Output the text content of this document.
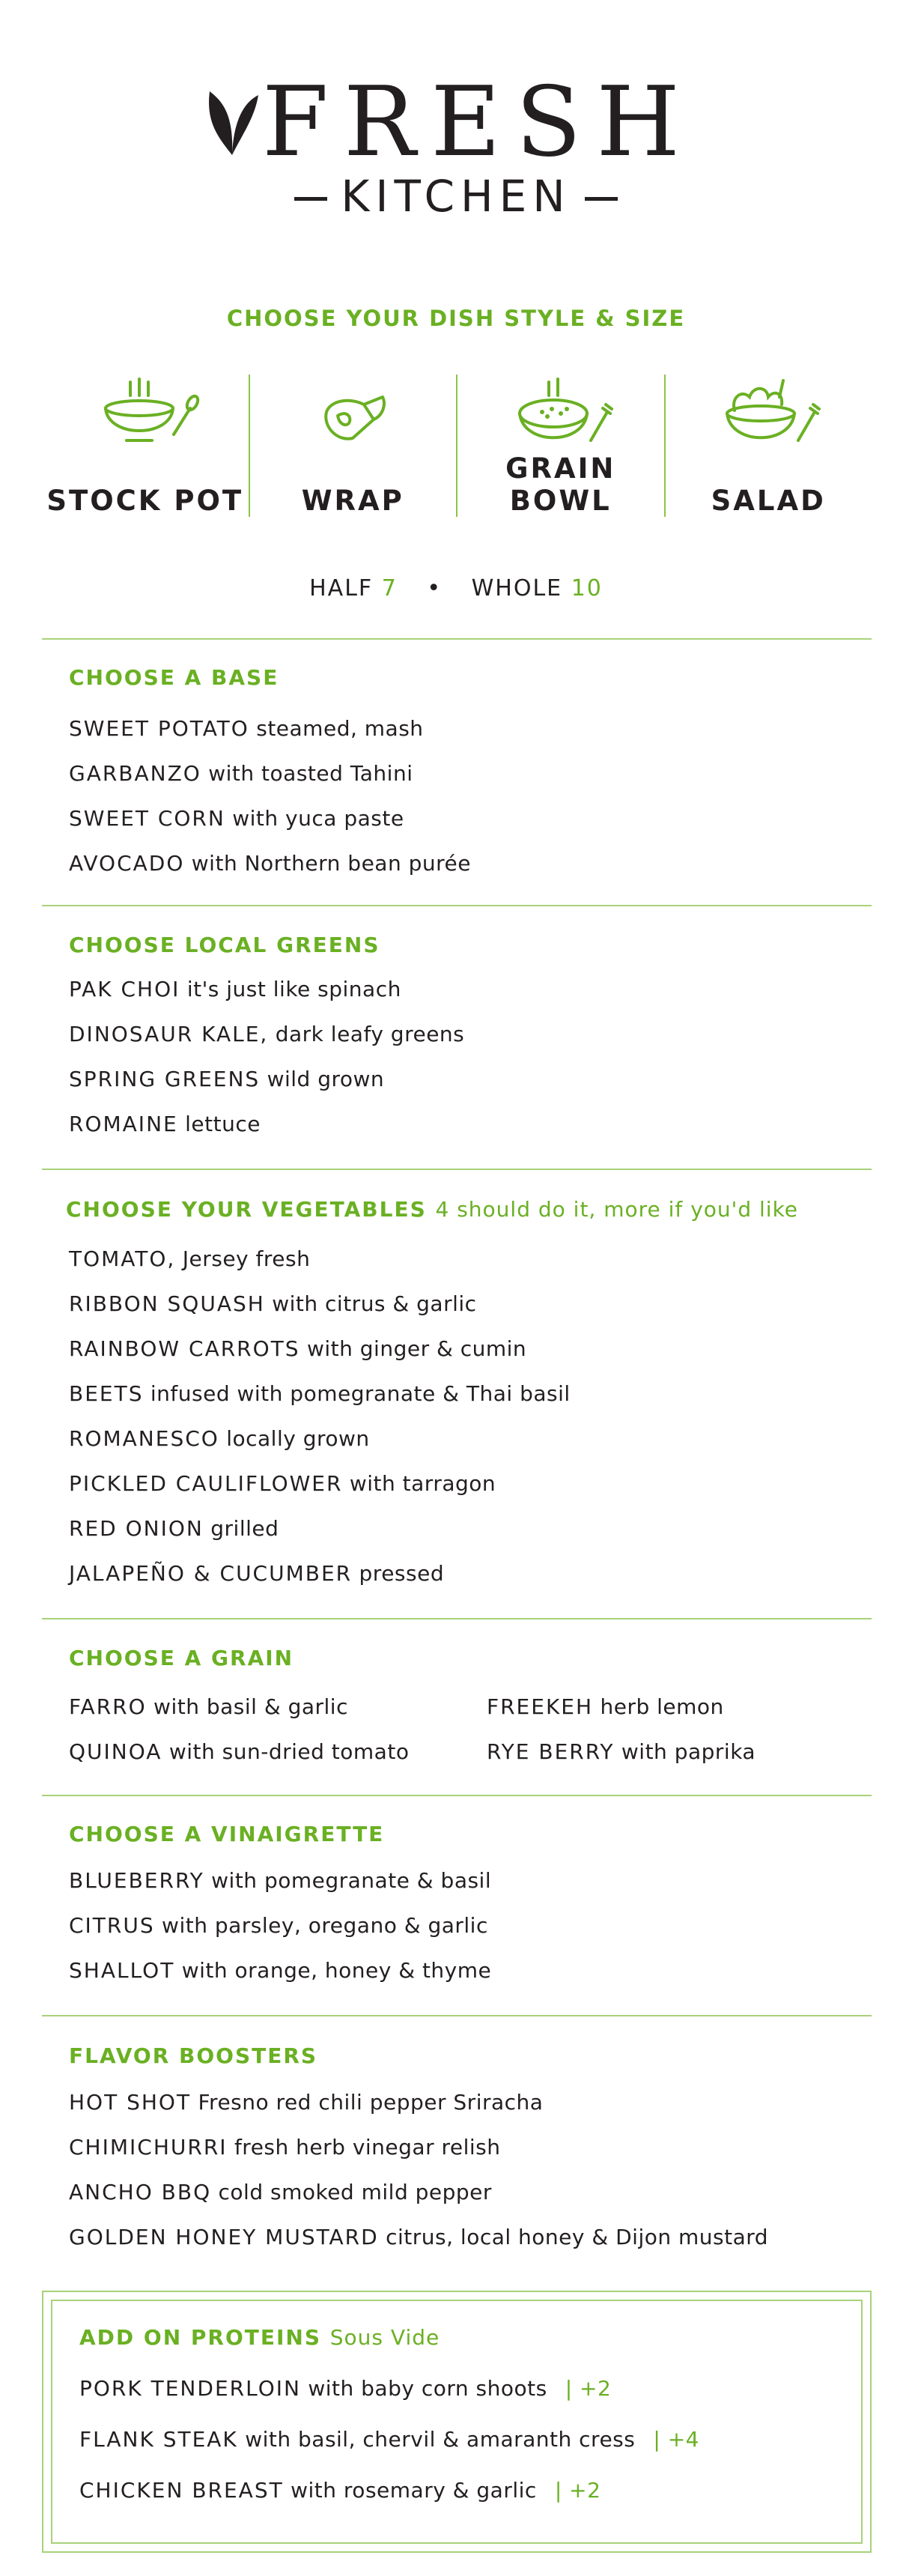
FRESH
KITCHEN
CHOOSE YOUR DISH STYLE & SIZE
STOCK POT	WRAP
GRAIN BOWL	SALAD
HALF 7 • WHOLE 10
CHOOSE A BASE
SWEET POTATO steamed, mash
GARBANZO with toasted Tahini
SWEET CORN with yuca paste
AVOCADO with Northern bean purée
CHOOSE LOCAL GREENS
PAK CHOI it's just like spinach
DINOSAUR KALE, dark leafy greens
SPRING GREENS wild grown
ROMAINE lettuce
CHOOSE YOUR VEGETABLES 4 should do it, more if you'd like
TOMATO, Jersey fresh
RIBBON SQUASH with citrus & garlic
RAINBOW CARROTS with ginger & cumin
BEETS infused with pomegranate & Thai basil
ROMANESCO locally grown
PICKLED CAULIFLOWER with tarragon
RED ONION grilled
JALAPEÑO & CUCUMBER pressed
CHOOSE A GRAIN
FARRO with basil & garlic
QUINOA with sun-dried tomato
FREEKEH herb lemon
RYE BERRY with paprika
CHOOSE A VINAIGRETTE
BLUEBERRY with pomegranate & basil
CITRUS with parsley, oregano & garlic
SHALLOT with orange, honey & thyme
FLAVOR BOOSTERS
HOT SHOT Fresno red chili pepper Sriracha
CHIMICHURRI fresh herb vinegar relish
ANCHO BBQ cold smoked mild pepper
GOLDEN HONEY MUSTARD citrus, local honey & Dijon mustard
ADD ON PROTEINS Sous Vide
PORK TENDERLOIN with baby corn shoots | +2
FLANK STEAK with basil, chervil & amaranth cress | +4
CHICKEN BREAST with rosemary & garlic | +2
